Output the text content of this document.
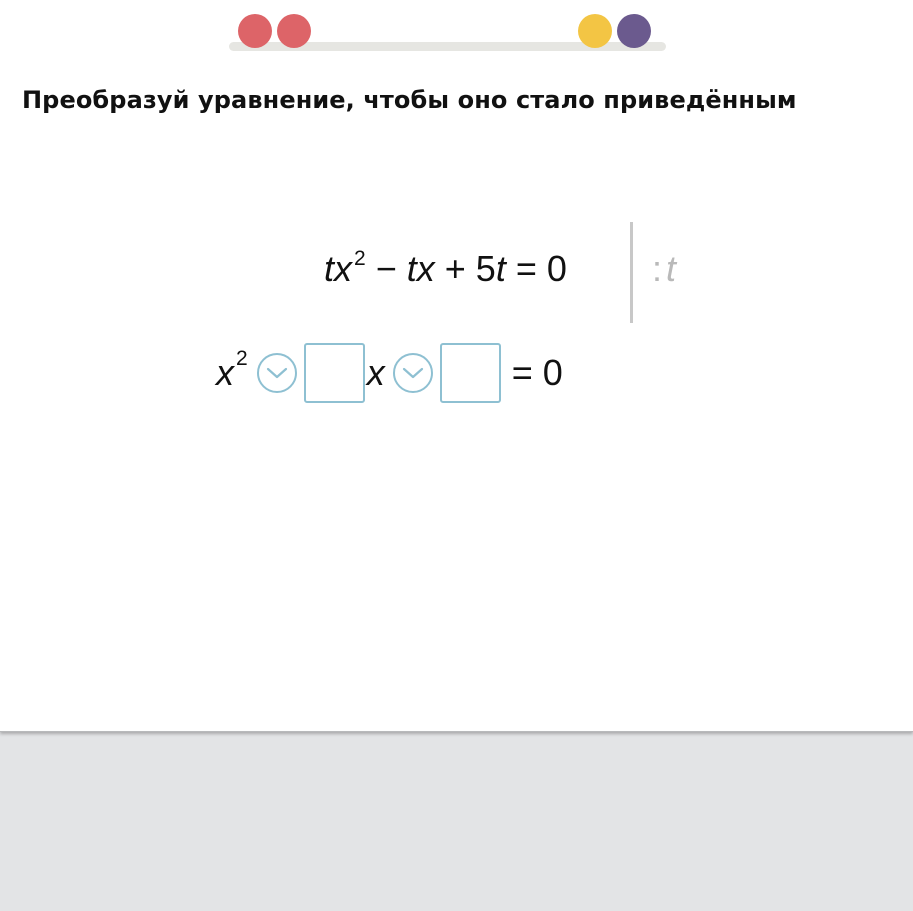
Преобразуй уравнение, чтобы оно стало приведённым
$tx^2$ − tx + 5t = 0 : t
x 2	x	= 0
